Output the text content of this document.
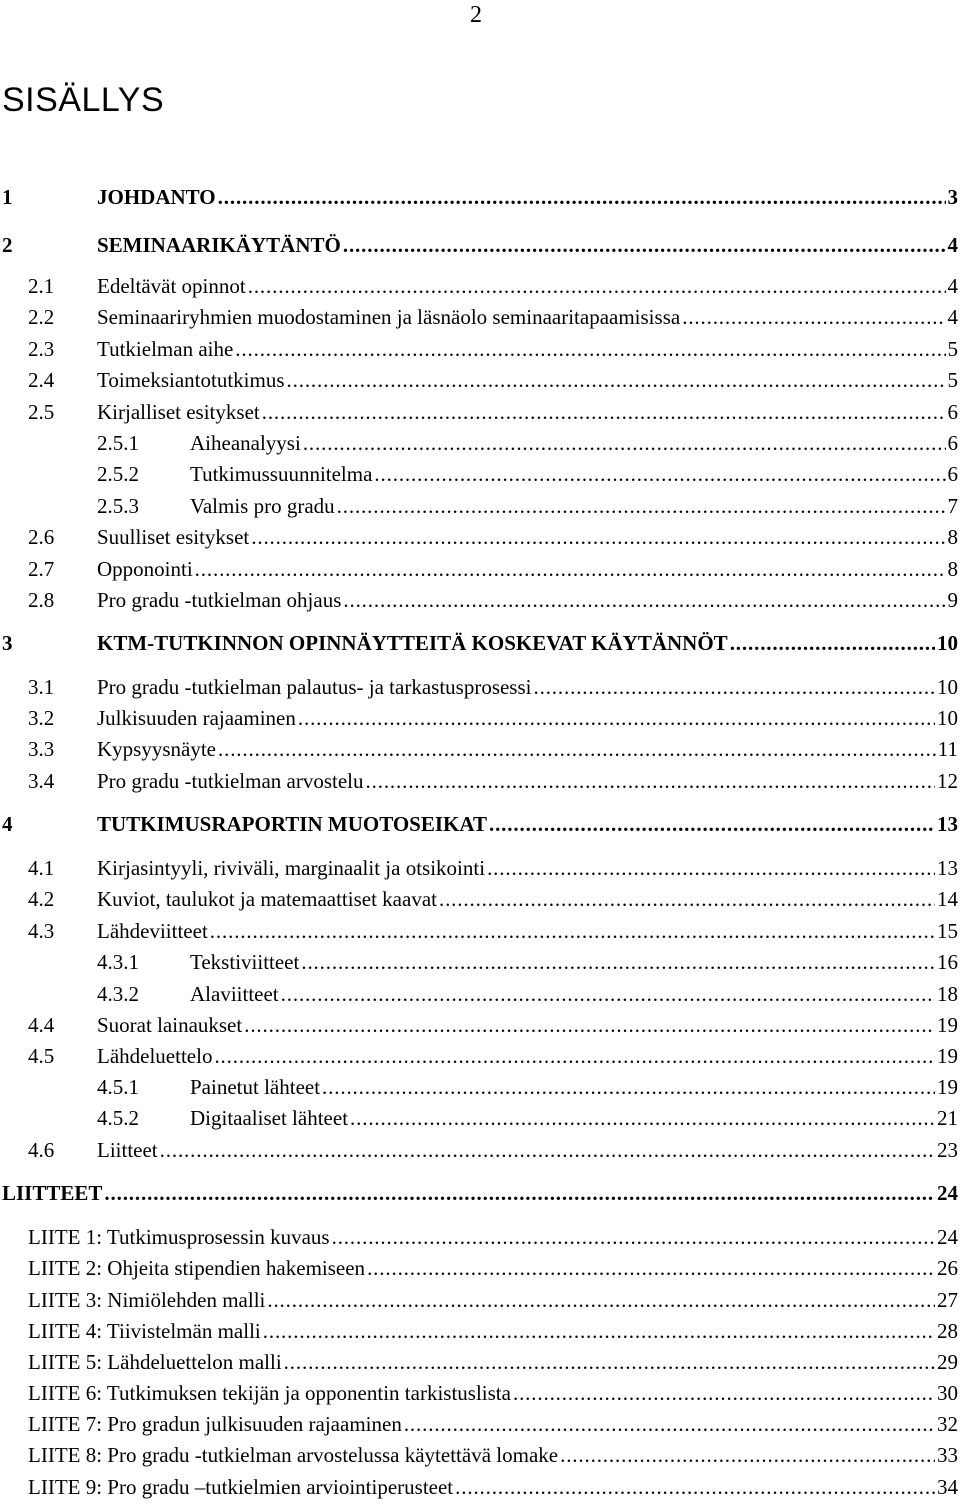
2
SISÄLLYS
1	JOHDANTO . . .	3
2	SEMINAARIKÄYTÄNTÖ . . .	4
2.1 Edeltävät opinnot . . .	4
2.2 Seminaariryhmien muodostaminen ja läsnäolo seminaaritapaamisissa . . .	4
2.3 Tutkielman aihe . . .	5
2.4 Toimeksiantotutkimus . . .	5
2.5 Kirjalliset esitykset . . .	6
2.5.1 Aiheanalyysi . . .	6
2.5.2 Tutkimussuunnitelma . . .	6
2.5.3 Valmis pro gradu . . .	7
2.6 Suulliset esitykset . . .	8
2.7 Opponointi . . .	8
2.8 Pro gradu -tutkielman ohjaus . . .	9
3	KTM-TUTKINNON OPINNÄYTTEITÄ KOSKEVAT KÄYTÄNNÖT . . .	10
3.1 Pro gradu -tutkielman palautus- ja tarkastusprosessi . . .	10
3.2 Julkisuuden rajaaminen . . .	10
3.3 Kypsyysnäyte . . .	11
3.4 Pro gradu -tutkielman arvostelu . . .	12
4	TUTKIMUSRAPORTIN MUOTOSEIKAT . . .	13
4.1 Kirjasintyyli, riviväli, marginaalit ja otsikointi . . .	13
4.2 Kuviot, taulukot ja matemaattiset kaavat . . .	14
4.3 Lähdeviitteet . . .	15
4.3.1 Tekstiviitteet . . .	16
4.3.2 Alaviitteet . . .	18
4.4 Suorat lainaukset . . .	19
4.5 Lähdeluettelo . . .	19
4.5.1 Painetut lähteet . . .	19
4.5.2 Digitaaliset lähteet . . .	21
4.6 Liitteet . . .	23
LIITTEET . . .	24
LIITE 1: Tutkimusprosessin kuvaus . . .	24
LIITE 2: Ohjeita stipendien hakemiseen . . .	26
LIITE 3: Nimiölehden malli . . .	27
LIITE 4: Tiivistelmän malli . . .	28
LIITE 5: Lähdeluettelon malli . . .	29
LIITE 6: Tutkimuksen tekijän ja opponentin tarkistuslista . . .	30
LIITE 7: Pro gradun julkisuuden rajaaminen . . .	32
LIITE 8: Pro gradu -tutkielman arvostelussa käytettävä lomake . . .	33
LIITE 9: Pro gradu –tutkielmien arviointiperusteet . . .	34
